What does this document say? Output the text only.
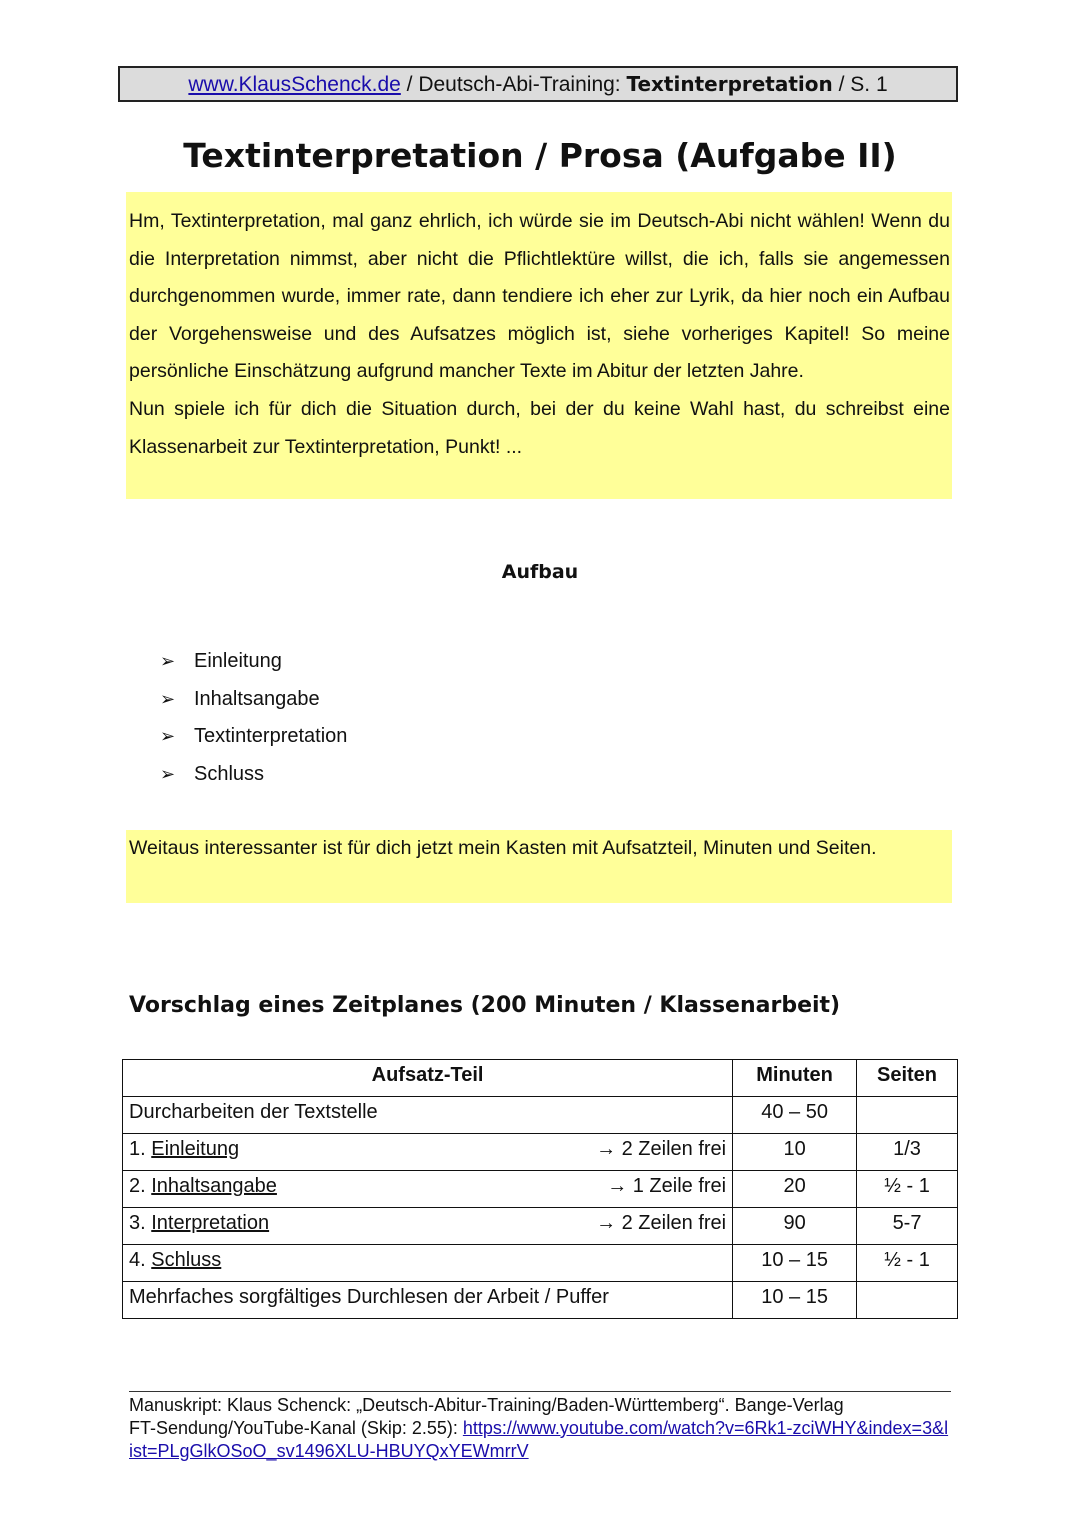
www.KlausSchenck.de / Deutsch-Abi-Training: Textinterpretation / S. 1
Textinterpretation / Prosa (Aufgabe II)

Hm, Textinterpretation, mal ganz ehrlich, ich würde sie im Deutsch-Abi nicht wählen! Wenn du die Interpretation nimmst, aber nicht die Pflichtlektüre willst, die ich, falls sie angemessen durchgenommen wurde, immer rate, dann tendiere ich eher zur Lyrik, da hier noch ein Aufbau der Vorgehensweise und des Aufsatzes möglich ist, siehe vorheriges Kapitel! So meine persönliche Einschätzung aufgrund mancher Texte im Abitur der letzten Jahre.

Nun spiele ich für dich die Situation durch, bei der du keine Wahl hast, du schreibst eine Klassenarbeit zur Textinterpretation, Punkt! ...

Aufbau
➢ Einleitung
➢ Inhaltsangabe
➢ Textinterpretation
➢ Schluss
Weitaus interessanter ist für dich jetzt mein Kasten mit Aufsatzteil, Minuten und Seiten.
Vorschlag eines Zeitplanes (200 Minuten / Klassenarbeit)
Aufsatz-Teil	Minuten	Seiten

Durcharbeiten der Textstelle	40 – 50	

1. Einleitung → 2 Zeilen frei	10	1/3

2. Inhaltsangabe → 1 Zeile frei	20	½ - 1

3. Interpretation → 2 Zeilen frei	90	5-7

4. Schluss	10 – 15	½ - 1

Mehrfaches sorgfältiges Durchlesen der Arbeit / Puffer	10 – 15	

Manuskript: Klaus Schenck: „Deutsch-Abitur-Training/Baden-Württemberg“. Bange-Verlag

FT-Sendung/YouTube-Kanal (Skip: 2.55): https://www.youtube.com/watch?v=6Rk1-zciWHY&index=3&list=PLgGlkOSoO_sv1496XLU-HBUYQxYEWmrrV
